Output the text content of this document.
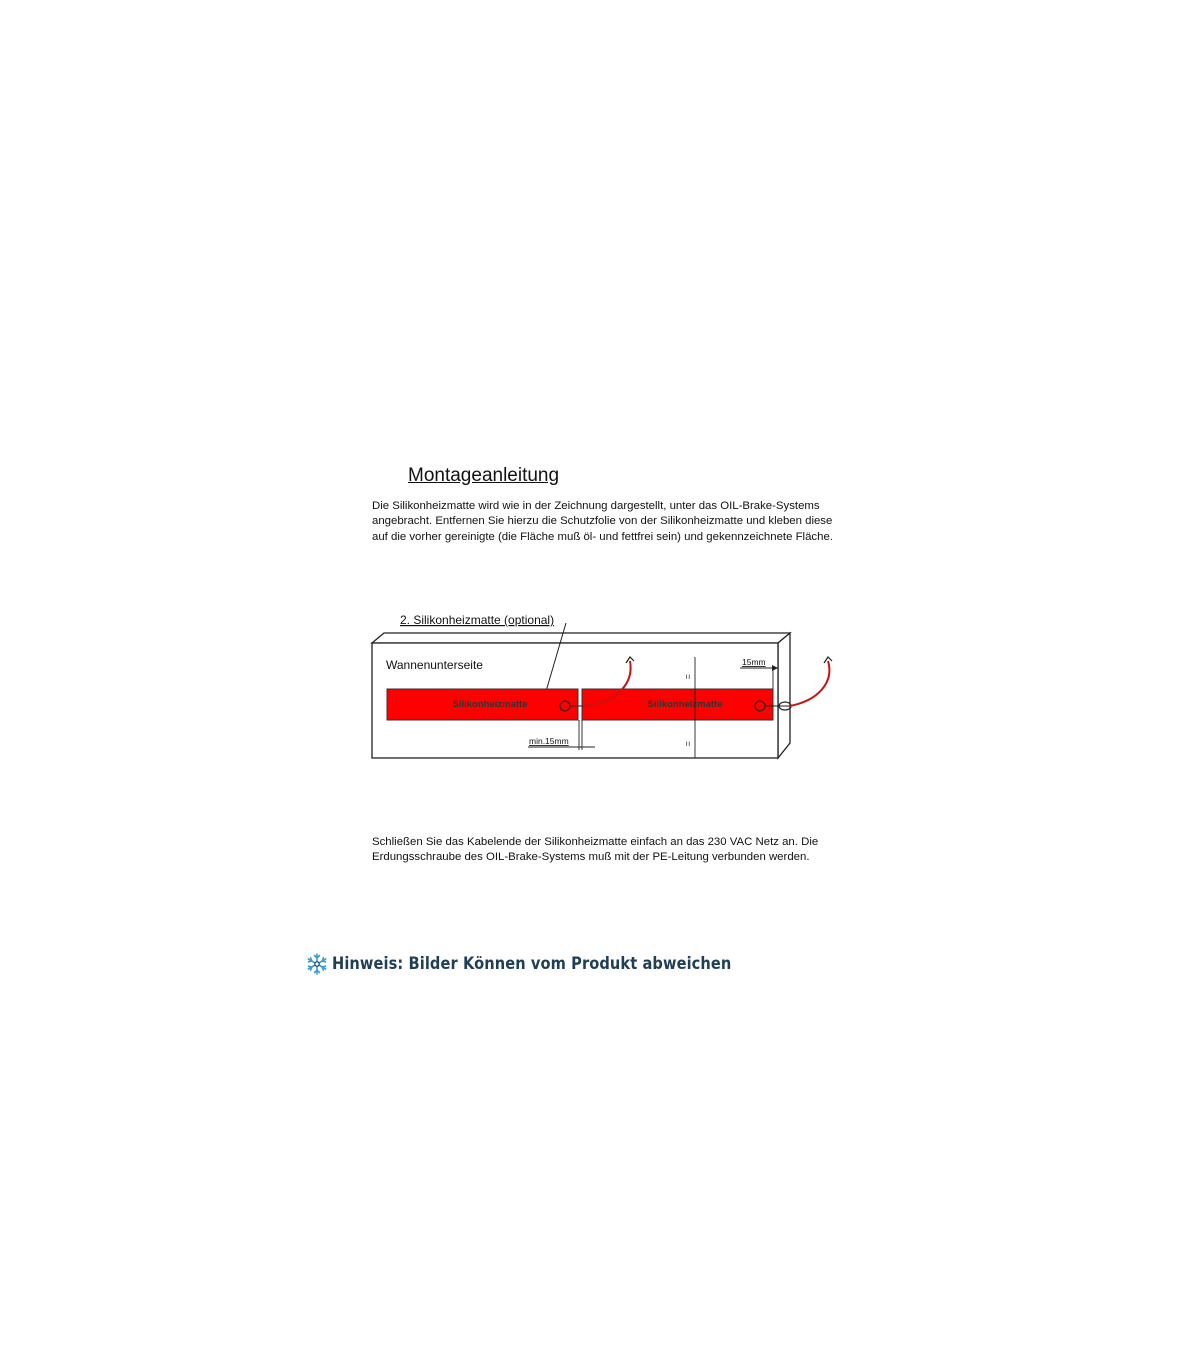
Montageanleitung

Die Silikonheizmatte wird wie in der Zeichnung dargestellt, unter das OIL-Brake-Systems angebracht. Entfernen Sie hierzu die Schutzfolie von der Silikonheizmatte und kleben diese auf die vorher gereinigte (die Fläche muß öl- und fettfrei sein) und gekennzeichnete Fläche.

Wannenunterseite
2. Silikonheizmatte (optional)
Silikonheizmatte	Silikonheizmatte
=
=
15mm
min.15mm

Schließen Sie das Kabelende der Silikonheizmatte einfach an das 230 VAC Netz an. Die Erdungsschraube des OIL-Brake-Systems muß mit der PE-Leitung verbunden werden.

Hinweis: Bilder Können vom Produkt abweichen
